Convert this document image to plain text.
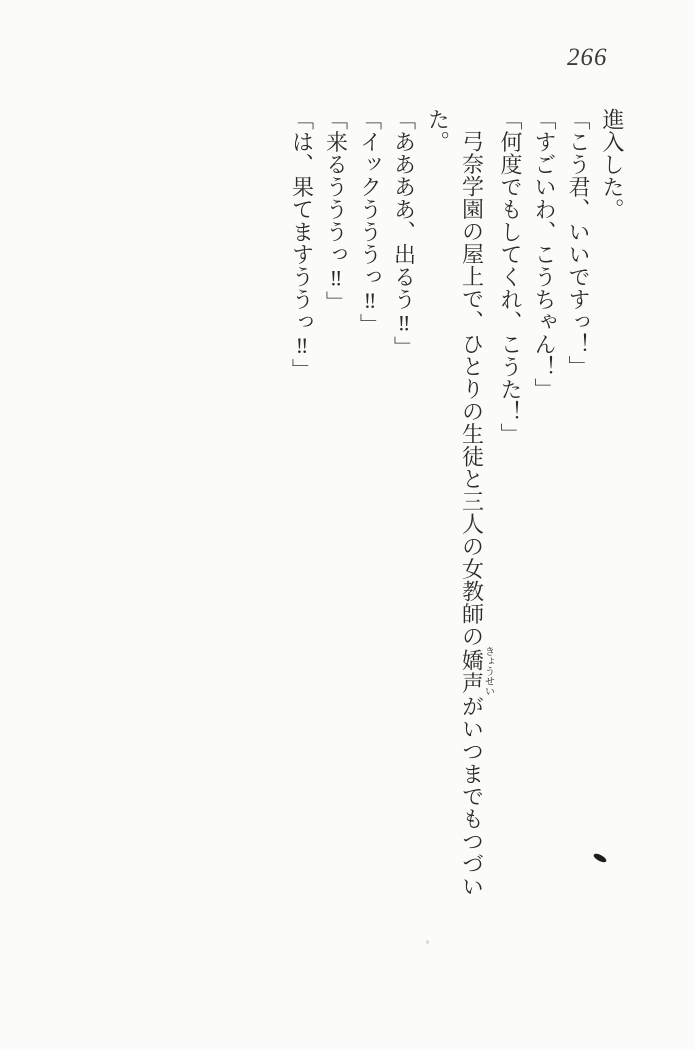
266

進入した。

「こう君、いいですっ！」

「すごいわ、こうちゃん！」

「何度でもしてくれ、こうた！」

弓奈学園の屋上で、ひとりの生徒と三人の女教師の嬌声きょうせいがいつまでもつづいた。

「ああああ、出るう‼」

「イックうううっ‼」

「来るうううっ‼」

「は、果てますううっ‼」
